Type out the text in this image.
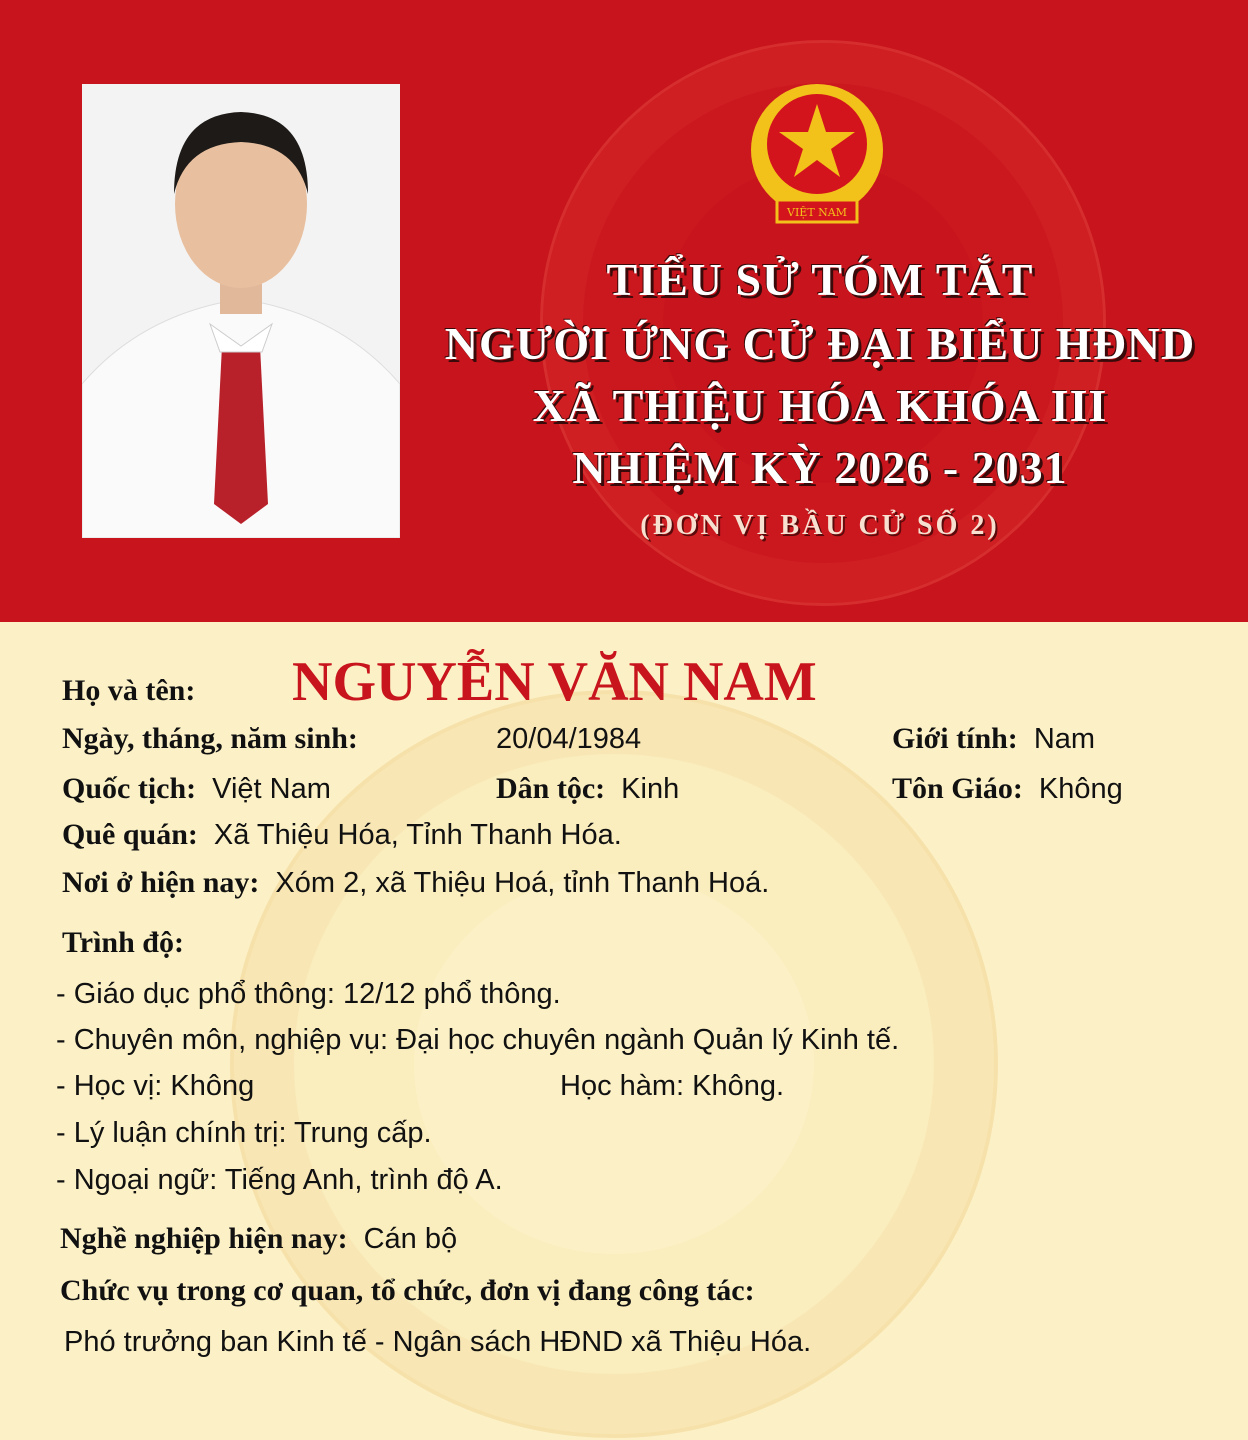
VIỆT NAM
TIỂU SỬ TÓM TẮT
NGƯỜI ỨNG CỬ ĐẠI BIỂU HĐND
XÃ THIỆU HÓA KHÓA III
NHIỆM KỲ 2026 - 2031
(ĐƠN VỊ BẦU CỬ SỐ 2)
Họ và tên:	NGUYỄN VĂN NAM
Ngày, tháng, năm sinh:	20/04/1984	Giới tính: Nam
Quốc tịch: Việt Nam	Dân tộc: Kinh	Tôn Giáo: Không
Quê quán: Xã Thiệu Hóa, Tỉnh Thanh Hóa.
Nơi ở hiện nay: Xóm 2, xã Thiệu Hoá, tỉnh Thanh Hoá.
Trình độ:
- Giáo dục phổ thông: 12/12 phổ thông.
- Chuyên môn, nghiệp vụ: Đại học chuyên ngành Quản lý Kinh tế.
- Học vị: Không	Học hàm: Không.
- Lý luận chính trị: Trung cấp.
- Ngoại ngữ: Tiếng Anh, trình độ A.
Nghề nghiệp hiện nay: Cán bộ
Chức vụ trong cơ quan, tổ chức, đơn vị đang công tác:
Phó trưởng ban Kinh tế - Ngân sách HĐND xã Thiệu Hóa.
